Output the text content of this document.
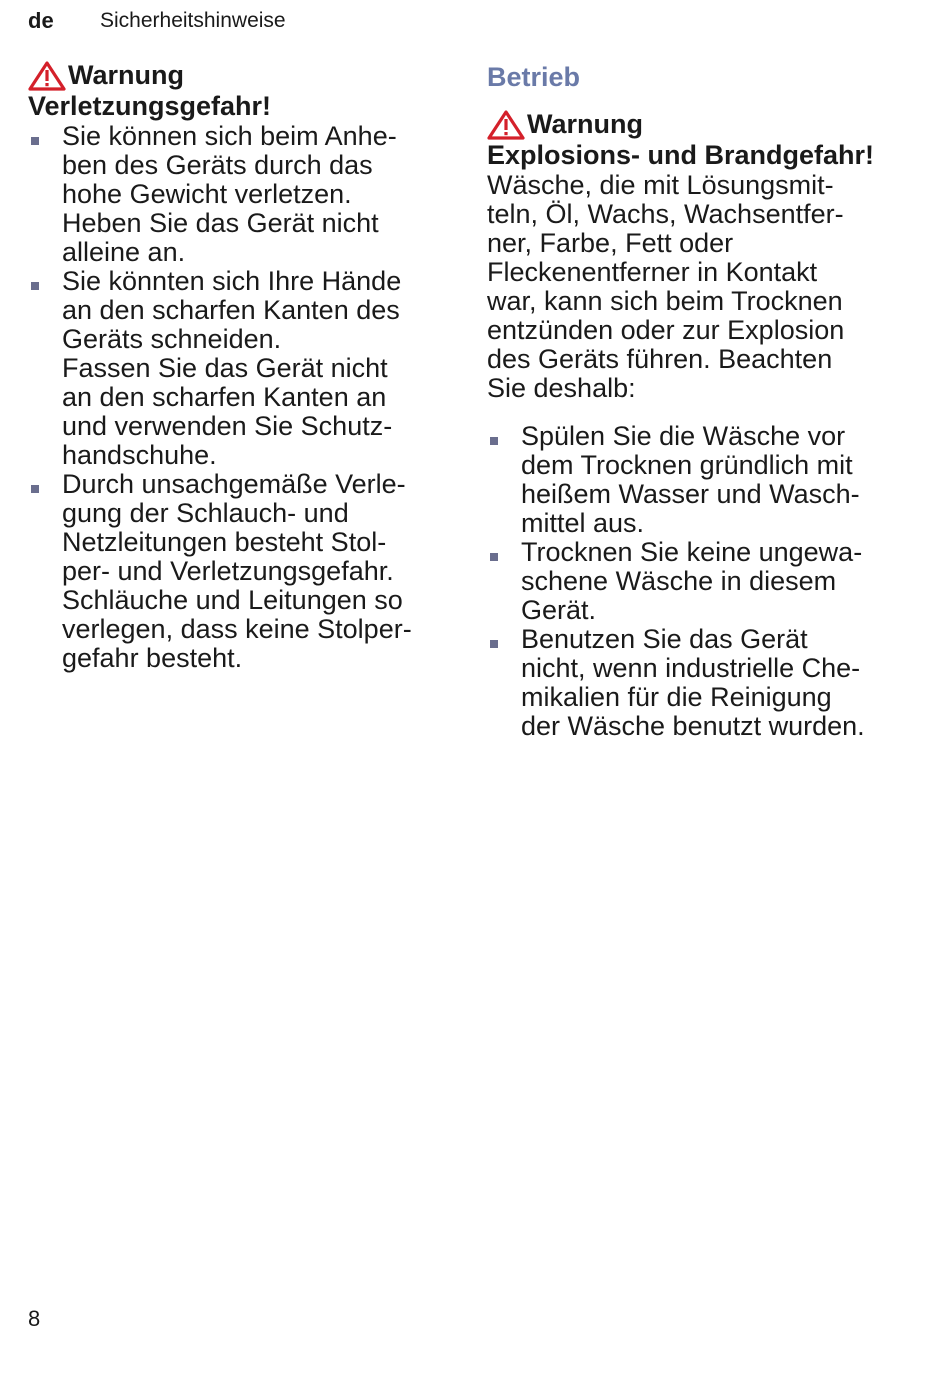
de Sicherheitshinweise
Warnung
Verletzungsgefahr!
Sie können sich beim Anhe-
ben des Geräts durch das
hohe Gewicht verletzen.
Heben Sie das Gerät nicht
alleine an.
Sie könnten sich Ihre Hände
an den scharfen Kanten des
Geräts schneiden.
Fassen Sie das Gerät nicht
an den scharfen Kanten an
und verwenden Sie Schutz-
handschuhe.
Durch unsachgemäße Verle-
gung der Schlauch- und
Netzleitungen besteht Stol-
per- und Verletzungsgefahr.
Schläuche und Leitungen so
verlegen, dass keine Stolper-
gefahr besteht.
Betrieb
Warnung
Explosions- und Brandgefahr!
Wäsche, die mit Lösungsmit-
teln, Öl, Wachs, Wachsentfer-
ner, Farbe, Fett oder
Fleckenentferner in Kontakt
war, kann sich beim Trocknen
entzünden oder zur Explosion
des Geräts führen. Beachten
Sie deshalb:
Spülen Sie die Wäsche vor
dem Trocknen gründlich mit
heißem Wasser und Wasch-
mittel aus.
Trocknen Sie keine ungewa-
schene Wäsche in diesem
Gerät.
Benutzen Sie das Gerät
nicht, wenn industrielle Che-
mikalien für die Reinigung
der Wäsche benutzt wurden.
8
